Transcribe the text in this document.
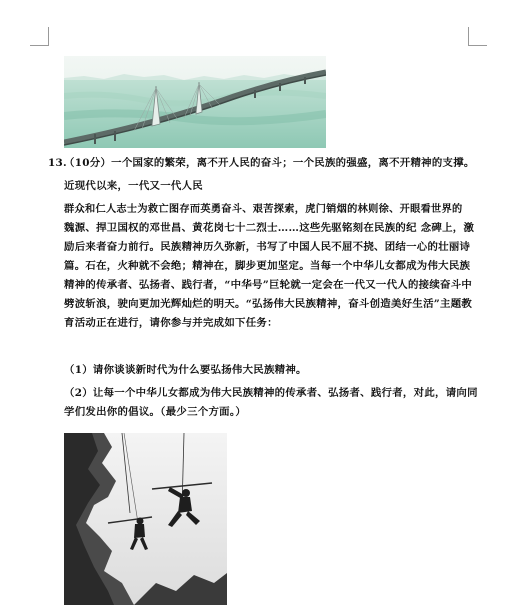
13.
（10分）一个国家的繁荣，离不开人民的奋斗；一个民族的强盛，离不开精神的支撑。
近现代以来，一代又一代人民
群众和仁人志士为救亡图存而英勇奋斗、艰苦探索，虎门销烟的林则徐、开眼看世界的
魏源、捍卫国权的邓世昌、黄花岗七十二烈士……这些先驱铭刻在民族的纪 念碑上，激
励后来者奋力前行。民族精神历久弥新，书写了中国人民不屈不挠、团结一心的壮丽诗
篇。石在，火种就不会绝；精神在，脚步更加坚定。当每一个中华儿女都成为伟大民族
精神的传承者、弘扬者、践行者，“中华号”巨轮就一定会在一代又一代人的接续奋斗中
劈波斩浪，驶向更加光辉灿烂的明天。“弘扬伟大民族精神，奋斗创造美好生活”主题教
育活动正在进行，请你参与并完成如下任务：
（1）请你谈谈新时代为什么要弘扬伟大民族精神。
（2）让每一个中华儿女都成为伟大民族精神的传承者、弘扬者、践行者，对此，请向同
学们发出你的倡议。（最少三个方面。）
